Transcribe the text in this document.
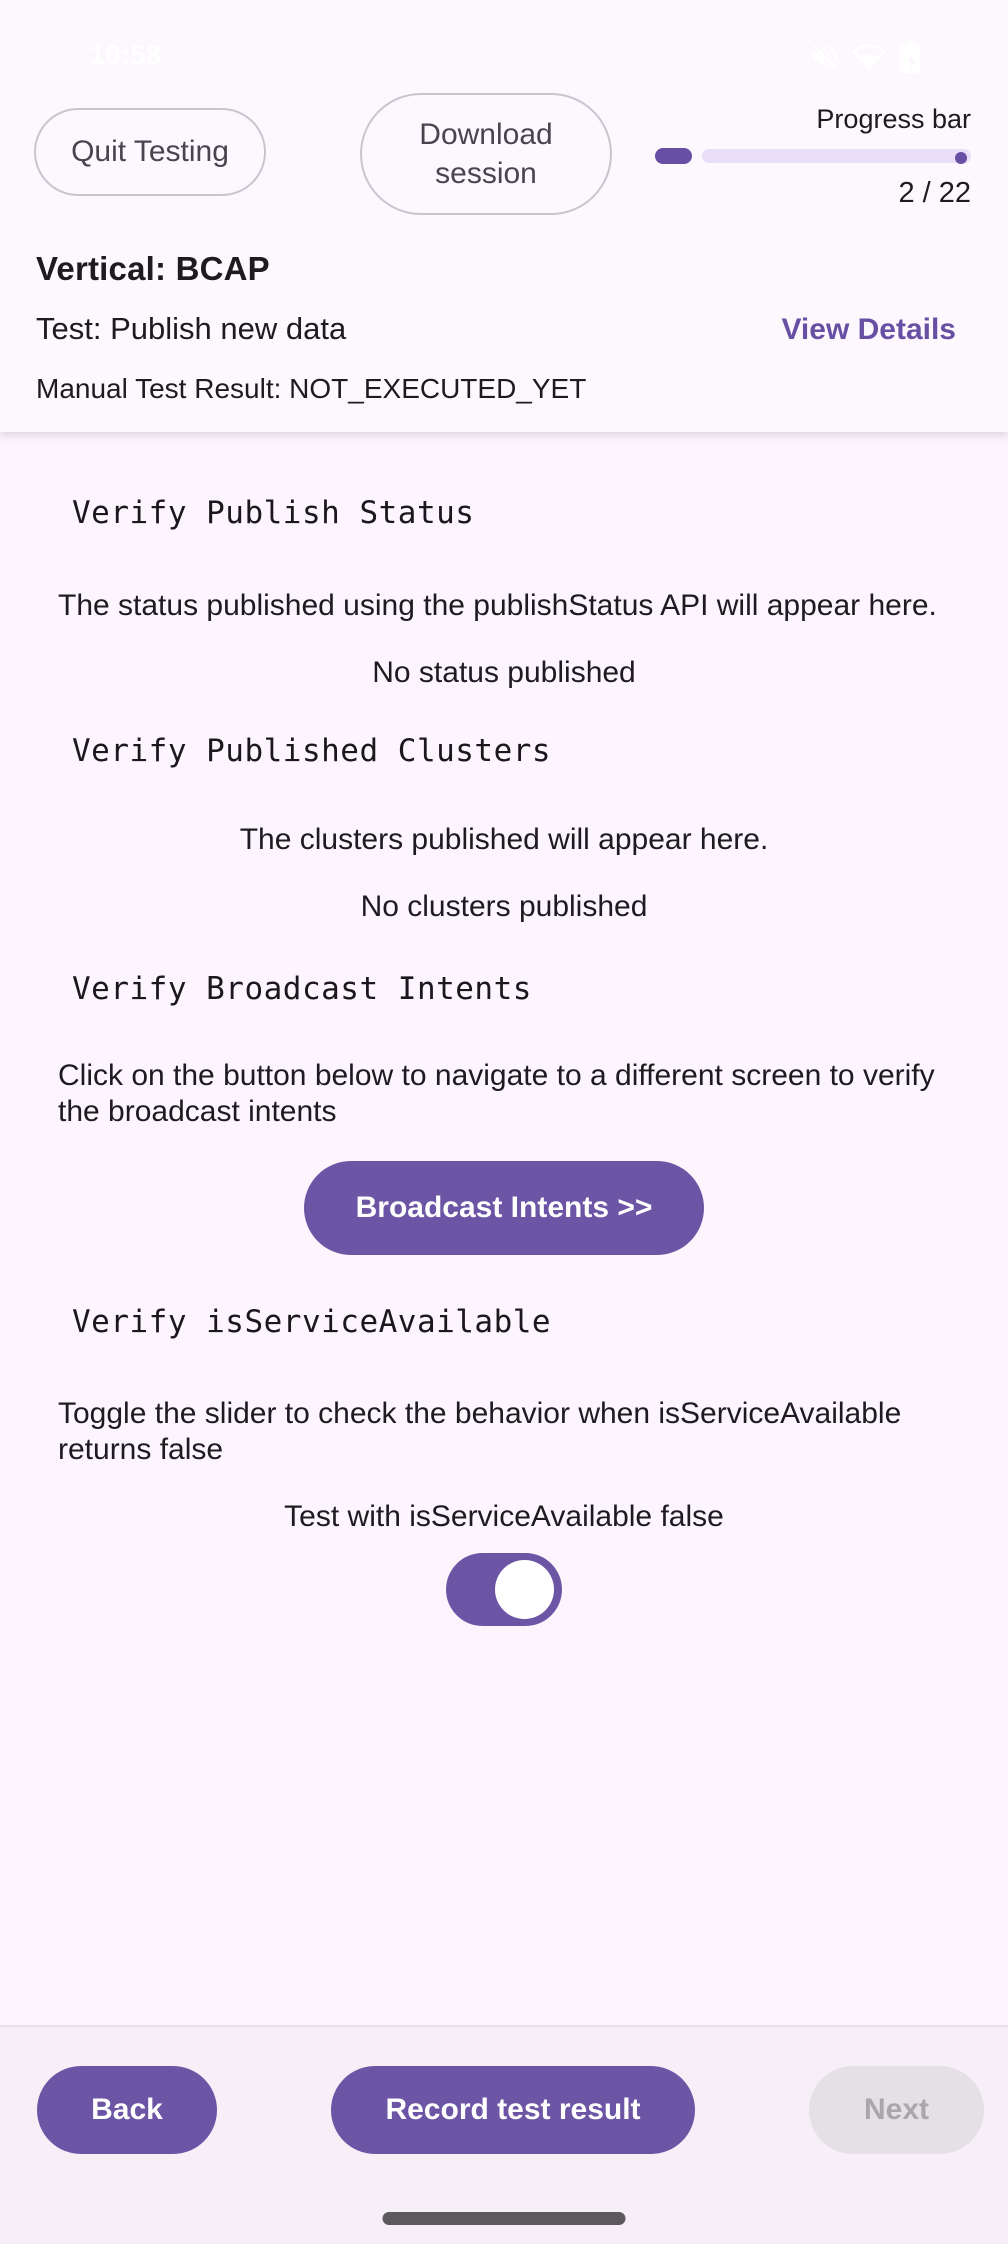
10:58
Quit Testing
Download session
Progress bar
2 / 22
Vertical: BCAP
Test: Publish new data	View Details
Manual Test Result: NOT_EXECUTED_YET
Verify Publish Status
The status published using the publishStatus API will appear here.
No status published
Verify Published Clusters
The clusters published will appear here.
No clusters published
Verify Broadcast Intents
Click on the button below to navigate to a different screen to verify the broadcast intents
Broadcast Intents >>
Verify isServiceAvailable
Toggle the slider to check the behavior when isServiceAvailable returns false
Test with isServiceAvailable false
Back	Record test result	Next
